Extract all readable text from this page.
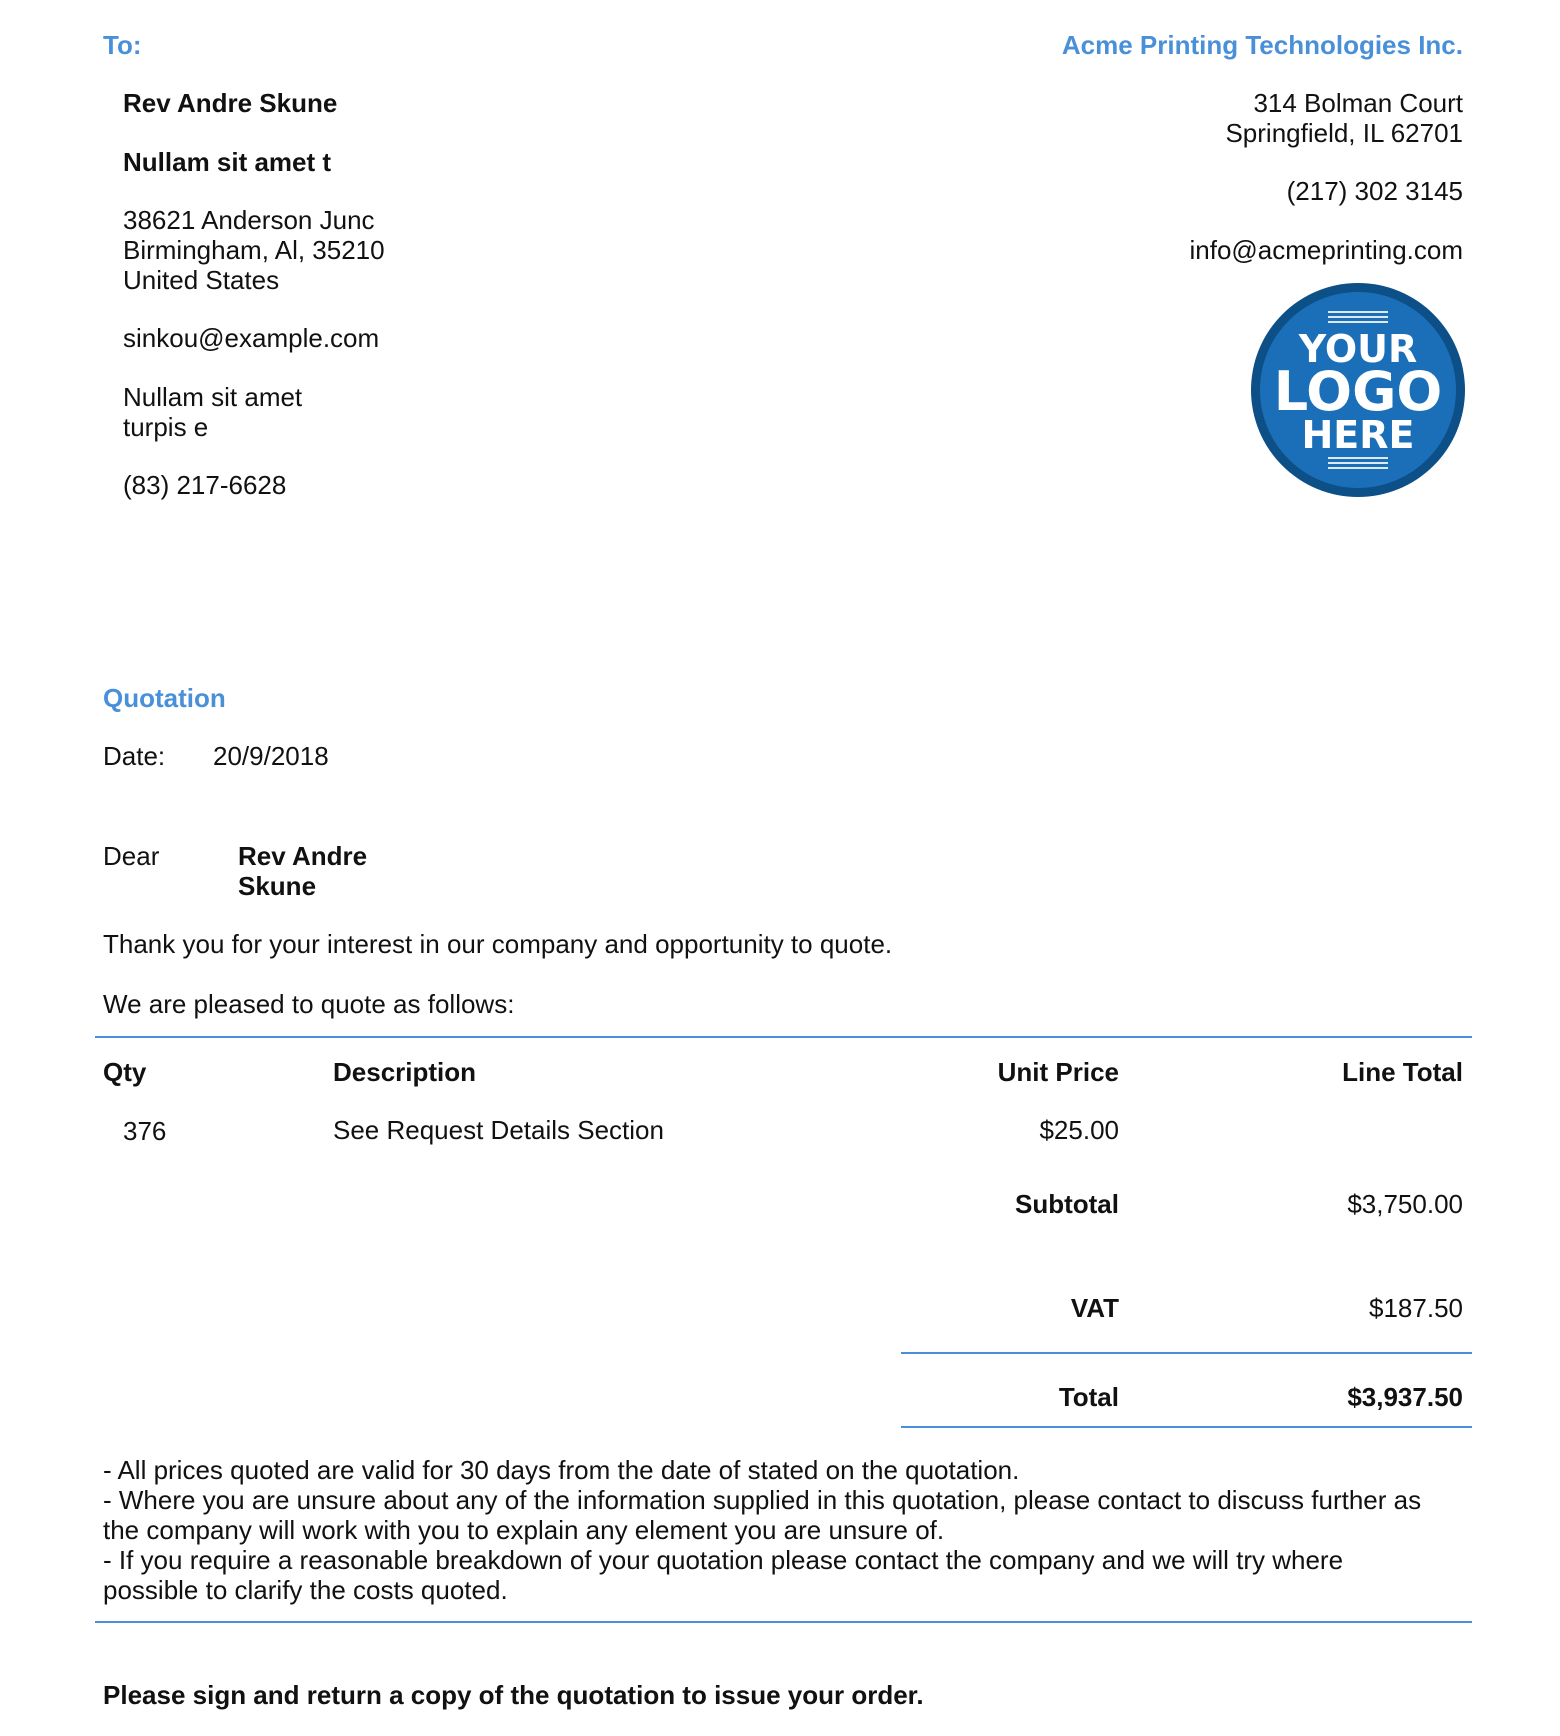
To:
Rev Andre Skune
Nullam sit amet t
38621 Anderson Junc
Birmingham, Al, 35210
United States
sinkou@example.com
Nullam sit amet
turpis e
(83) 217-6628
Acme Printing Technologies Inc.
314 Bolman Court
Springfield, IL 62701
(217) 302 3145
info@acmeprinting.com
YOUR
LOGO
HERE
Quotation
Date: 20/9/2018
Dear	Rev Andre
Skune
Thank you for your interest in our company and opportunity to quote.
We are pleased to quote as follows:
Qty	Description	Unit Price	Line Total
376	See Request Details Section	$25.00
Subtotal	$3,750.00
VAT	$187.50
Total	$3,937.50
- All prices quoted are valid for 30 days from the date of stated on the quotation.
- Where you are unsure about any of the information supplied in this quotation, please contact to discuss further as
the company will work with you to explain any element you are unsure of.
- If you require a reasonable breakdown of your quotation please contact the company and we will try where
possible to clarify the costs quoted.
Please sign and return a copy of the quotation to issue your order.
